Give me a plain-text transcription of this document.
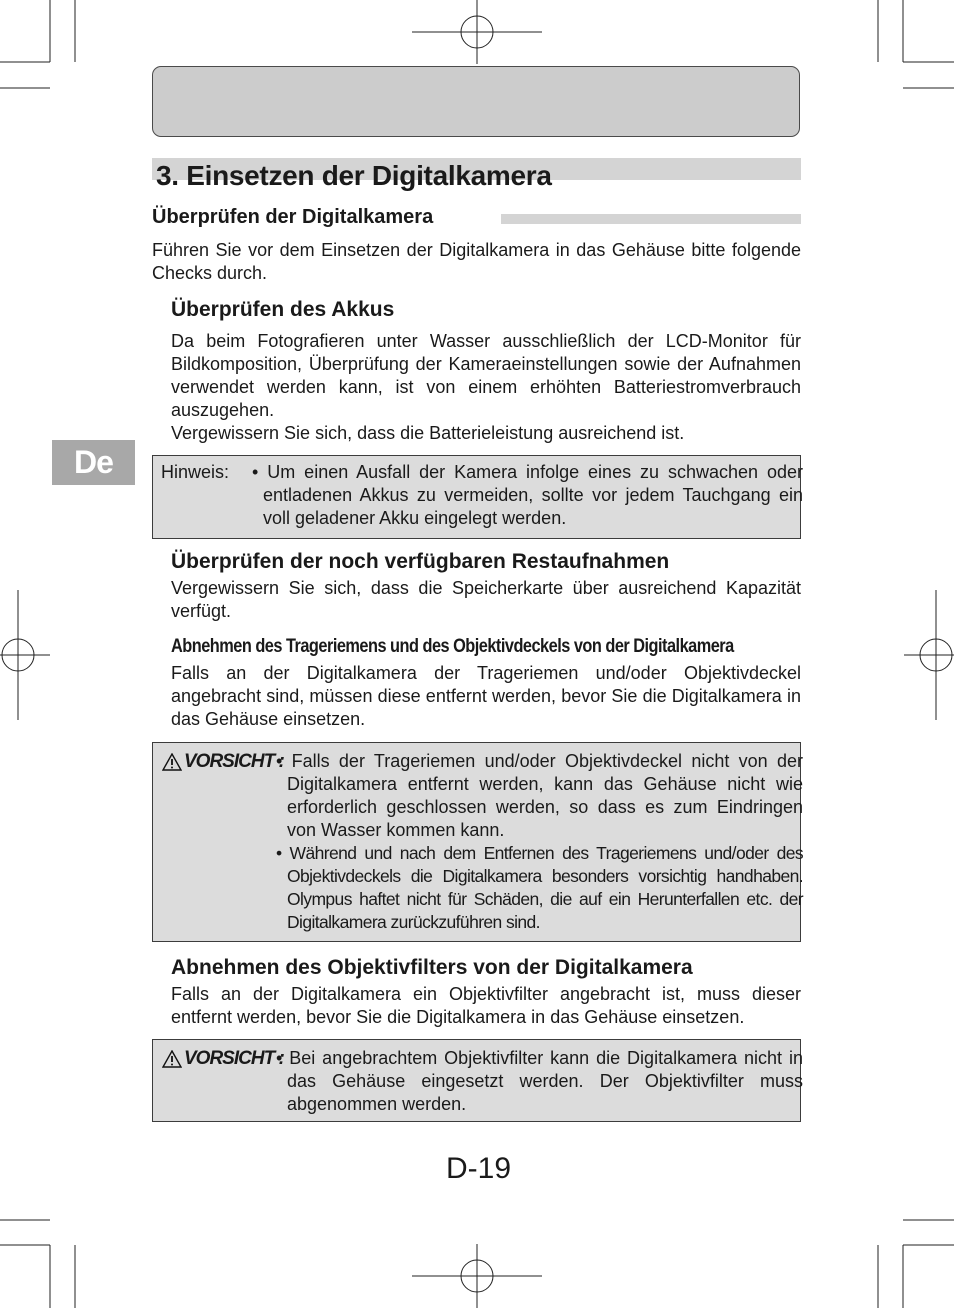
3. Einsetzen der Digitalkamera
Überprüfen der Digitalkamera
Führen Sie vor dem Einsetzen der Digitalkamera in das Gehäuse bitte folgende Checks durch.
Überprüfen des Akkus
Da beim Fotografieren unter Wasser ausschließlich der LCD-Monitor für Bildkomposition, Überprüfung der Kameraeinstellungen sowie der Aufnahmen verwendet werden kann, ist von einem erhöhten Batteriestromverbrauch auszugehen.
Vergewissern Sie sich, dass die Batterieleistung ausreichend ist.
De	Hinweis: • Um einen Ausfall der Kamera infolge eines zu schwachen oder entladenen Akkus zu vermeiden, sollte vor jedem Tauchgang ein voll geladener Akku eingelegt werden.
Überprüfen der noch verfügbaren Restaufnahmen
Vergewissern Sie sich, dass die Speicherkarte über ausreichend Kapazität verfügt.
Abnehmen des Trageriemens und des Objektivdeckels von der Digitalkamera
Falls an der Digitalkamera der Trageriemen und/oder Objektivdeckel angebracht sind, müssen diese entfernt werden, bevor Sie die Digitalkamera in das Gehäuse einsetzen.
VORSICHT :
• Falls der Trageriemen und/oder Objektivdeckel nicht von der Digitalkamera entfernt werden, kann das Gehäuse nicht wie erforderlich geschlossen werden, so dass es zum Eindringen von Wasser kommen kann.
• Während und nach dem Entfernen des Trageriemens und/oder des Objektivdeckels die Digitalkamera besonders vorsichtig handhaben. Olympus haftet nicht für Schäden, die auf ein Herunterfallen etc. der Digitalkamera zurückzuführen sind.
Abnehmen des Objektivfilters von der Digitalkamera
Falls an der Digitalkamera ein Objektivfilter angebracht ist, muss dieser entfernt werden, bevor Sie die Digitalkamera in das Gehäuse einsetzen.
VORSICHT :
• Bei angebrachtem Objektivfilter kann die Digitalkamera nicht in das Gehäuse eingesetzt werden. Der Objektivfilter muss abgenommen werden.
D-19
